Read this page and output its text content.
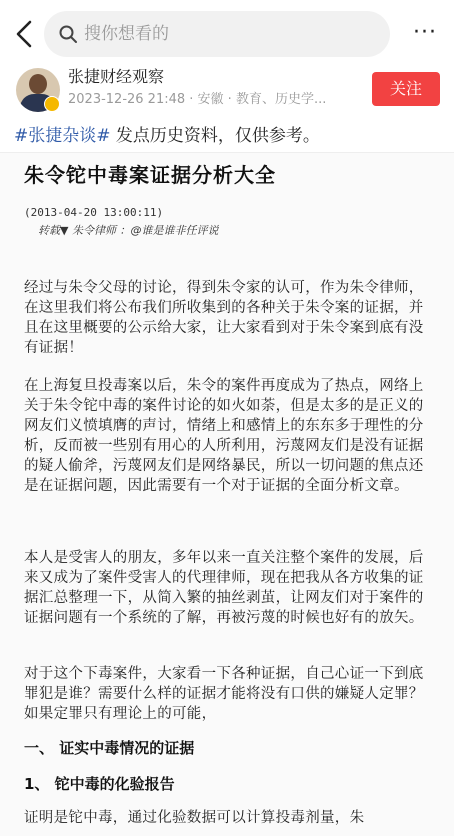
搜你想看的	···
张捷财经观察
2023-12-26 21:48 · 安徽 · 教育、历史学...
关注
#张捷杂谈# 发点历史资料，仅供参考。
朱令铊中毒案证据分析大全
(2013-04-20 13:00:11)
转载▼ 朱令律师 ：@谁是谁非任评说

经过与朱令父母的讨论，得到朱令家的认可，作为朱令律师，在这里我们将公布我们所收集到的各种关于朱令案的证据，并且在这里概要的公示给大家，让大家看到对于朱令案到底有没有证据！

在上海复旦投毒案以后，朱令的案件再度成为了热点，网络上关于朱令铊中毒的案件讨论的如火如荼，但是太多的是正义的网友们义愤填膺的声讨，情绪上和感情上的东东多于理性的分析，反而被一些别有用心的人所利用，污蔑网友们是没有证据的疑人偷斧，污蔑网友们是网络暴民，所以一切问题的焦点还是在证据问题，因此需要有一个对于证据的全面分析文章。

本人是受害人的朋友，多年以来一直关注整个案件的发展，后来又成为了案件受害人的代理律师，现在把我从各方收集的证据汇总整理一下，从简入繁的抽丝剥茧，让网友们对于案件的证据问题有一个系统的了解，再被污蔑的时候也好有的放矢。

对于这个下毒案件，大家看一下各种证据，自己心证一下到底罪犯是谁？需要什么样的证据才能将没有口供的嫌疑人定罪？如果定罪只有理论上的可能，

一、 证实中毒情况的证据
1、 铊中毒的化验报告

证明是铊中毒，通过化验数据可以计算投毒剂量，朱
